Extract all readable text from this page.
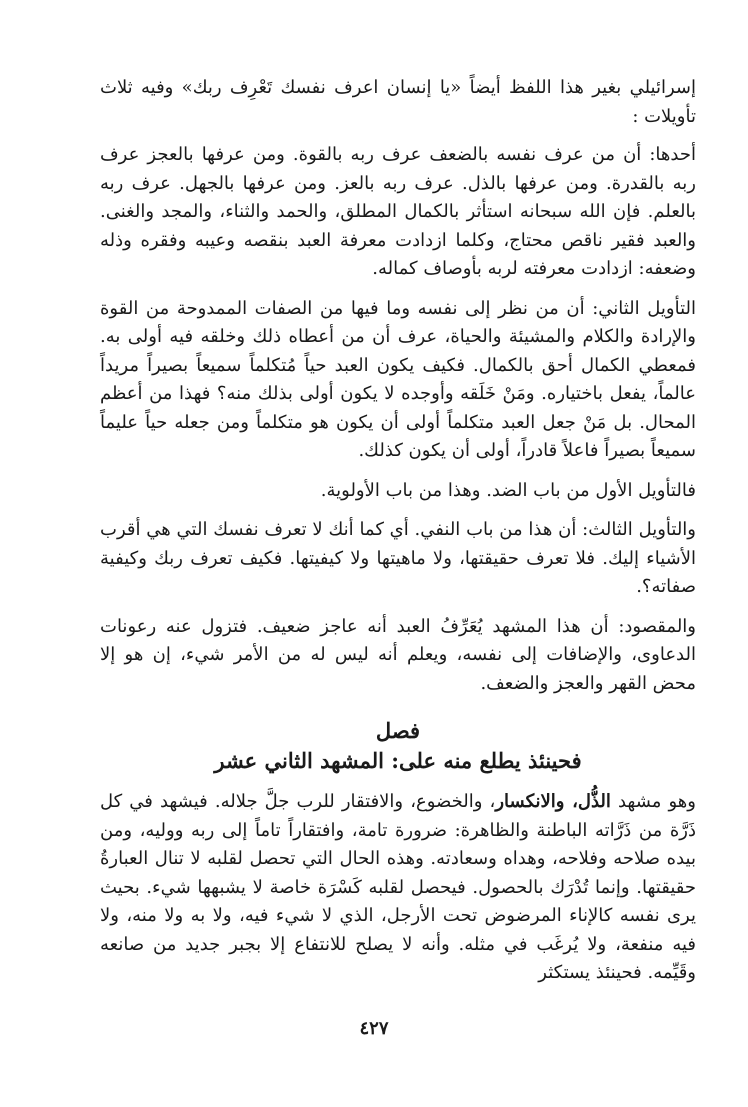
إسرائيلي بغير هذا اللفظ أيضاً «يا إنسان اعرف نفسك تَعْرِف ربك» وفيه ثلاث تأويلات :

أحدها: أن من عرف نفسه بالضعف عرف ربه بالقوة. ومن عرفها بالعجز عرف ربه بالقدرة. ومن عرفها بالذل. عرف ربه بالعز. ومن عرفها بالجهل. عرف ربه بالعلم. فإن الله سبحانه استأثر بالكمال المطلق، والحمد والثناء، والمجد والغنى. والعبد فقير ناقص محتاج، وكلما ازدادت معرفة العبد بنقصه وعيبه وفقره وذله وضعفه: ازدادت معرفته لربه بأوصاف كماله.

التأويل الثاني: أن من نظر إلى نفسه وما فيها من الصفات الممدوحة من القوة والإرادة والكلام والمشيئة والحياة، عرف أن من أعطاه ذلك وخلقه فيه أولى به. فمعطي الكمال أحق بالكمال. فكيف يكون العبد حياً مُتكلماً سميعاً بصيراً مريداً عالماً، يفعل باختياره. ومَنْ خَلَقه وأوجده لا يكون أولى بذلك منه؟ فهذا من أعظم المحال. بل مَنْ جعل العبد متكلماً أولى أن يكون هو متكلماً ومن جعله حياً عليماً سميعاً بصيراً فاعلاً قادراً، أولى أن يكون كذلك.

فالتأويل الأول من باب الضد. وهذا من باب الأولوية.

والتأويل الثالث: أن هذا من باب النفي. أي كما أنك لا تعرف نفسك التي هي أقرب الأشياء إليك. فلا تعرف حقيقتها، ولا ماهيتها ولا كيفيتها. فكيف تعرف ربك وكيفية صفاته؟.

والمقصود: أن هذا المشهد يُعَرِّفُ العبد أنه عاجز ضعيف. فتزول عنه رعونات الدعاوى، والإضافات إلى نفسه، ويعلم أنه ليس له من الأمر شيء، إن هو إلا محض القهر والعجز والضعف.

فصل
فحينئذ يطلع منه على: المشهد الثاني عشر

وهو مشهد الذُّل، والانكسار، والخضوع، والافتقار للرب جلَّ جلاله. فيشهد في كل ذَرَّة من ذَرَّاته الباطنة والظاهرة: ضرورة تامة، وافتقاراً تاماً إلى ربه ووليه، ومن بيده صلاحه وفلاحه، وهداه وسعادته. وهذه الحال التي تحصل لقلبه لا تنال العبارةُ حقيقتها. وإنما تُدْرَك بالحصول. فيحصل لقلبه كَسْرَة خاصة لا يشبهها شيء. بحيث يرى نفسه كالإناء المرضوض تحت الأرجل، الذي لا شيء فيه، ولا به ولا منه، ولا فيه منفعة، ولا يُرغَب في مثله. وأنه لا يصلح للانتفاع إلا بجبر جديد من صانعه وقَيِّمه. فحينئذ يستكثر

٤٢٧
